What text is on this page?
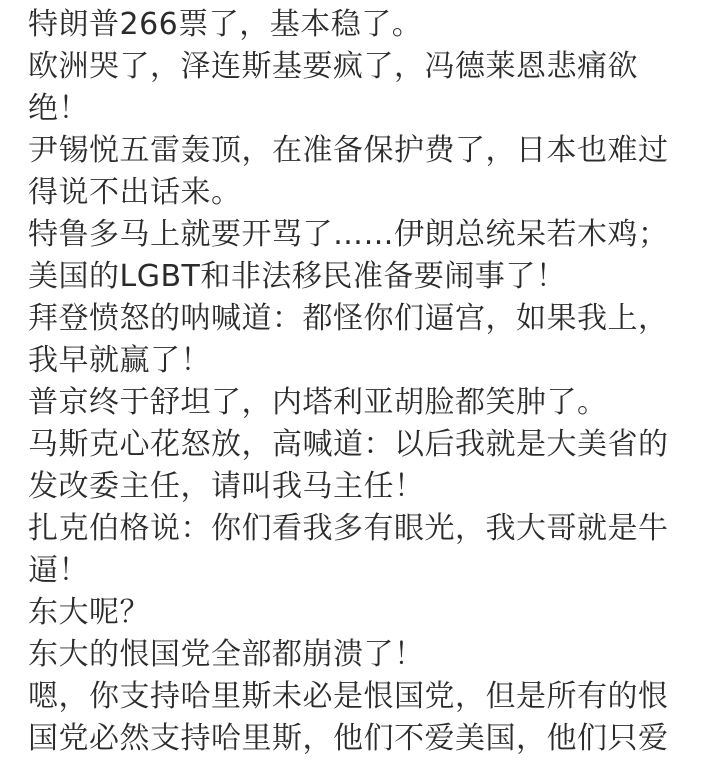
特朗普266票了，基本稳了。
欧洲哭了，泽连斯基要疯了，冯德莱恩悲痛欲
绝！
尹锡悦五雷轰顶，在准备保护费了，日本也难过
得说不出话来。
特鲁多马上就要开骂了……伊朗总统呆若木鸡；
美国的LGBT和非法移民准备要闹事了！
拜登愤怒的呐喊道：都怪你们逼宫，如果我上，
我早就赢了！
普京终于舒坦了，内塔利亚胡脸都笑肿了。
马斯克心花怒放，高喊道：以后我就是大美省的
发改委主任，请叫我马主任！
扎克伯格说：你们看我多有眼光，我大哥就是牛
逼！
东大呢？
东大的恨国党全部都崩溃了！
嗯，你支持哈里斯未必是恨国党，但是所有的恨
国党必然支持哈里斯，他们不爱美国，他们只爱
